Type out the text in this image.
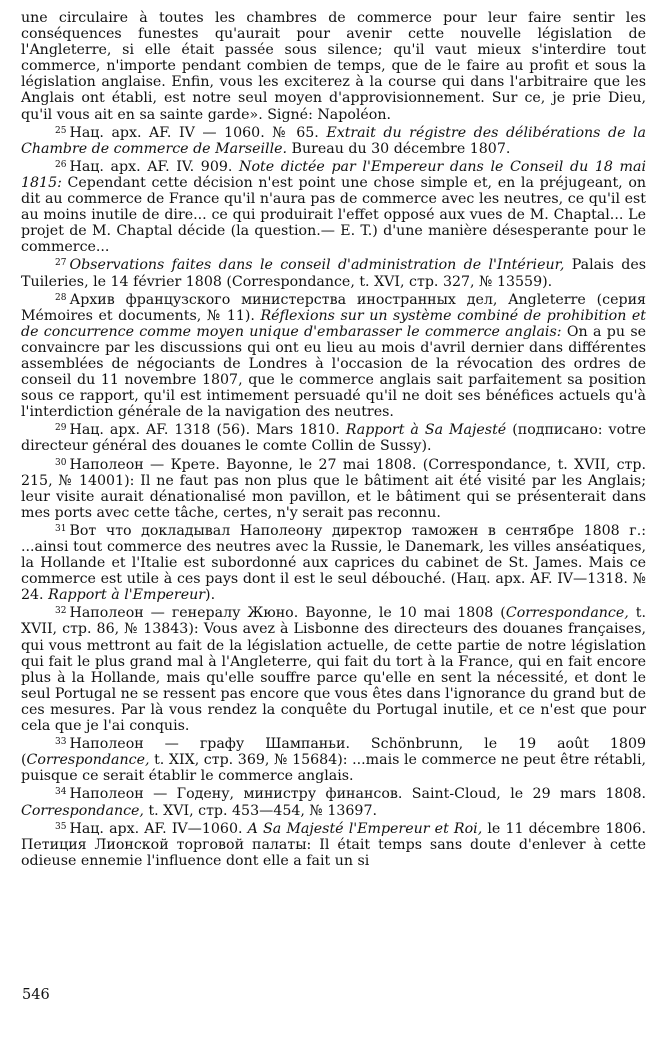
une circulaire à toutes les chambres de commerce pour leur faire sentir les conséquences funestes qu'aurait pour avenir cette nouvelle législation de l'Angleterre, si elle était passée sous silence; qu'il vaut mieux s'interdire tout commerce, n'importe pendant combien de temps, que de le faire au profit et sous la législation anglaise. Enfin, vous les exciterez à la course qui dans l'arbitraire que les Anglais ont établi, est notre seul moyen d'approvisionnement. Sur ce, je prie Dieu, qu'il vous ait en sa sainte garde». Signé: Napoléon.

$^{25}$ Нац. арх. AF. IV — 1060. № 65. Extrait du régistre des délibérations de la Chambre de commerce de Marseille. Bureau du 30 décembre 1807.

$^{26}$ Нац. арх. AF. IV. 909. Note dictée par l'Empereur dans le Conseil du 18 mai 1815: Cependant cette décision n'est point une chose simple et, en la préjugeant, on dit au commerce de France qu'il n'aura pas de commerce avec les neutres, ce qu'il est au moins inutile de dire... ce qui produirait l'effet opposé aux vues de M. Chaptal... Le projet de M. Chaptal décide (la question.— E. T.) d'une manière désesperante pour le commerce...

$^{27}$ Observations faites dans le conseil d'administration de l'Intérieur, Palais des Tuileries, le 14 février 1808 (Correspondance, t. XVI, стр. 327, № 13559).

$^{28}$ Архив французского министерства иностранных дел, Angleterre (серия Mémoires et documents, № 11). Réflexions sur un système combiné de prohibition et de concurrence comme moyen unique d'embarasser le commerce anglais: On a pu se convaincre par les discussions qui ont eu lieu au mois d'avril dernier dans différentes assemblées de négociants de Londres à l'occasion de la révocation des ordres de conseil du 11 novembre 1807, que le commerce anglais sait parfaitement sa position sous ce rapport, qu'il est intimement persuadé qu'il ne doit ses bénéfices actuels qu'à l'interdiction générale de la navigation des neutres.

$^{29}$ Нац. арх. AF. 1318 (56). Mars 1810. Rapport à Sa Majesté (подписано: votre directeur général des douanes le comte Collin de Sussy).

$^{30}$ Наполеон — Крете. Bayonne, le 27 mai 1808. (Correspondance, t. XVII, стр. 215, № 14001): Il ne faut pas non plus que le bâtiment ait été visité par les Anglais; leur visite aurait dénationalisé mon pavillon, et le bâtiment qui se présenterait dans mes ports avec cette tâche, certes, n'y serait pas reconnu.

$^{31}$ Вот что докладывал Наполеону директор таможен в сентябре 1808 г.: ...ainsi tout commerce des neutres avec la Russie, le Danemark, les villes anséatiques, la Hollande et l'Italie est subordonné aux caprices du cabinet de St. James. Mais ce commerce est utile à ces pays dont il est le seul débouché. (Нац. арх. AF. IV—1318. № 24. Rapport à l'Empereur).

$^{32}$ Наполеон — генералу Жюно. Bayonne, le 10 mai 1808 (Correspondance, t. XVII, стр. 86, № 13843): Vous avez à Lisbonne des directeurs des douanes françaises, qui vous mettront au fait de la législation actuelle, de cette partie de notre législation qui fait le plus grand mal à l'Angleterre, qui fait du tort à la France, qui en fait encore plus à la Hollande, mais qu'elle souffre parce qu'elle en sent la nécessité, et dont le seul Portugal ne se ressent pas encore que vous êtes dans l'ignorance du grand but de ces mesures. Par là vous rendez la conquête du Portugal inutile, et ce n'est que pour cela que je l'ai conquis.

$^{33}$ Наполеон — графу Шампаньи. Schönbrunn, le 19 août 1809 (Correspondance, t. XIX, стр. 369, № 15684): ...mais le commerce ne peut être rétabli, puisque ce serait établir le commerce anglais.

$^{34}$ Наполеон — Годену, министру финансов. Saint-Cloud, le 29 mars 1808. Correspondance, t. XVI, стр. 453—454, № 13697.

$^{35}$ Нац. арх. AF. IV—1060. A Sa Majesté l'Empereur et Roi, le 11 décembre 1806. Петиция Лионской торговой палаты: Il était temps sans doute d'enlever à cette odieuse ennemie l'influence dont elle a fait un si

546
